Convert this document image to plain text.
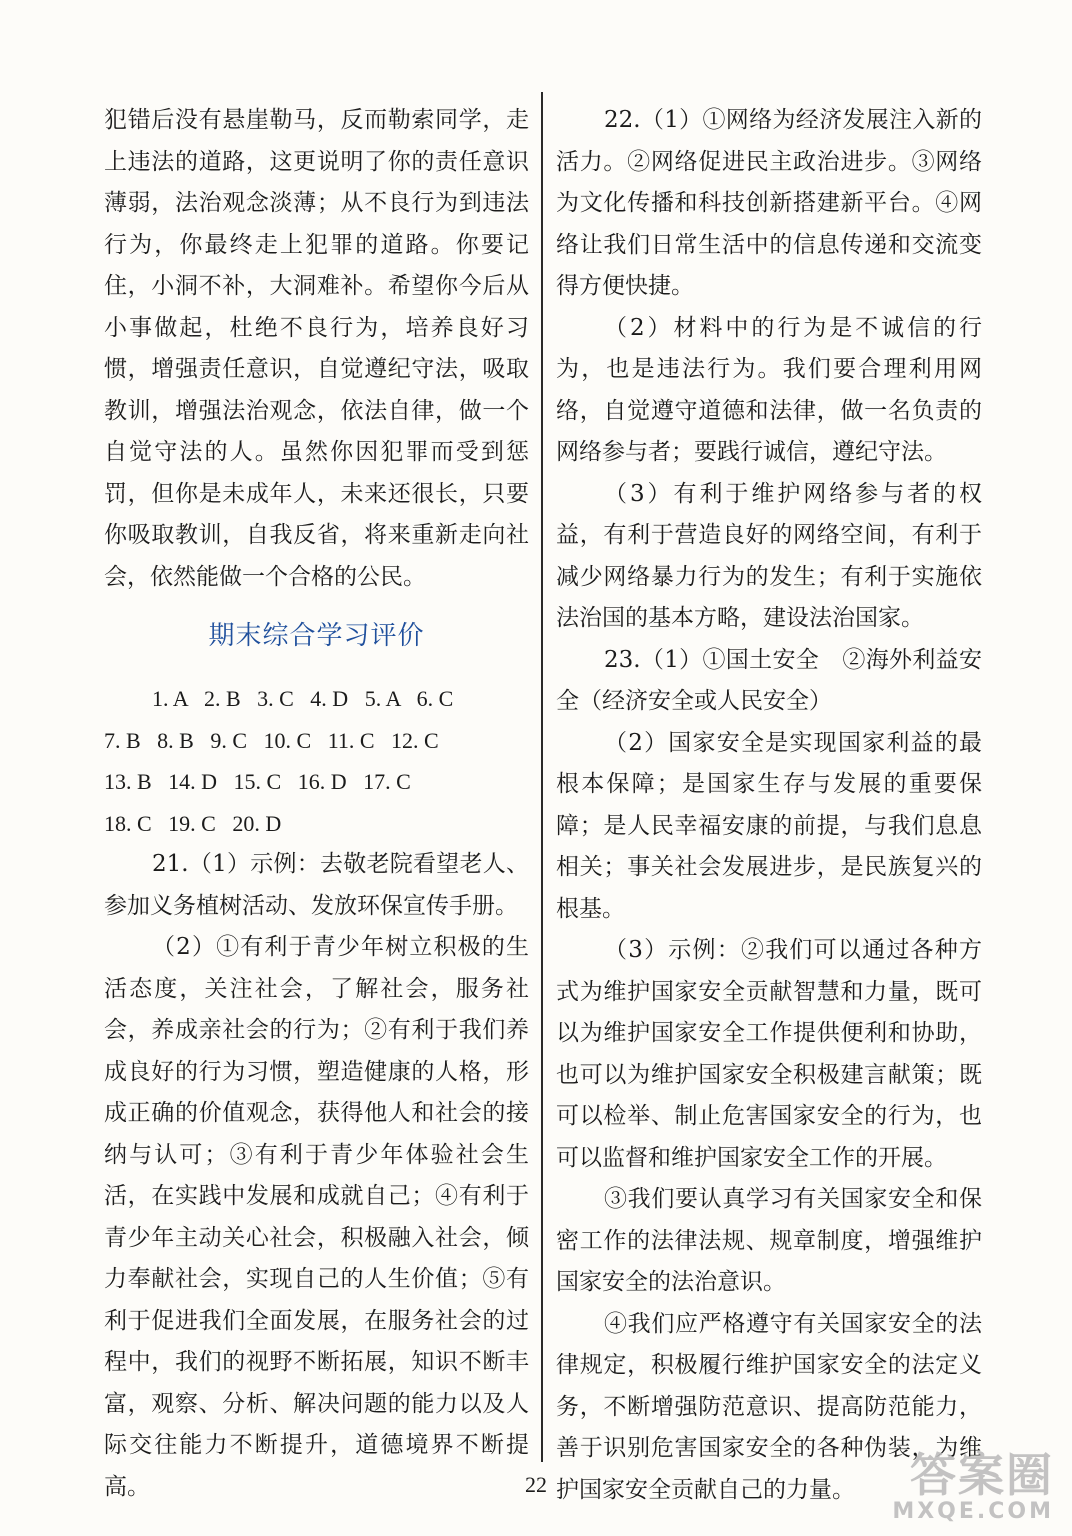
犯错后没有悬崖勒马，反而勒索同学，走上违法的道路，这更说明了你的责任意识薄弱，法治观念淡薄；从不良行为到违法行为，你最终走上犯罪的道路。你要记住，小洞不补，大洞难补。希望你今后从小事做起，杜绝不良行为，培养良好习惯，增强责任意识，自觉遵纪守法，吸取教训，增强法治观念，依法自律，做一个自觉守法的人。虽然你因犯罪而受到惩罚，但你是未成年人，未来还很长，只要你吸取教训，自我反省，将来重新走向社会，依然能做一个合格的公民。

期末综合学习评价
1. A   2. B   3. C   4. D   5. A   6. C
7. B   8. B   9. C   10. C   11. C   12. C
13. B   14. D   15. C   16. D   17. C
18. C   19. C   20. D

21.（1）示例：去敬老院看望老人、参加义务植树活动、发放环保宣传手册。

（2）①有利于青少年树立积极的生活态度，关注社会，了解社会，服务社会，养成亲社会的行为；②有利于我们养成良好的行为习惯，塑造健康的人格，形成正确的价值观念，获得他人和社会的接纳与认可；③有利于青少年体验社会生活，在实践中发展和成就自己；④有利于青少年主动关心社会，积极融入社会，倾力奉献社会，实现自己的人生价值；⑤有利于促进我们全面发展，在服务社会的过程中，我们的视野不断拓展，知识不断丰富，观察、分析、解决问题的能力以及人际交往能力不断提升，道德境界不断提高。

22.（1）①网络为经济发展注入新的活力。②网络促进民主政治进步。③网络为文化传播和科技创新搭建新平台。④网络让我们日常生活中的信息传递和交流变得方便快捷。

（2）材料中的行为是不诚信的行为，也是违法行为。我们要合理利用网络，自觉遵守道德和法律，做一名负责的网络参与者；要践行诚信，遵纪守法。

（3）有利于维护网络参与者的权益，有利于营造良好的网络空间，有利于减少网络暴力行为的发生；有利于实施依法治国的基本方略，建设法治国家。

23.（1）①国土安全　②海外利益安全（经济安全或人民安全）

（2）国家安全是实现国家利益的最根本保障；是国家生存与发展的重要保障；是人民幸福安康的前提，与我们息息相关；事关社会发展进步，是民族复兴的根基。

（3）示例：②我们可以通过各种方式为维护国家安全贡献智慧和力量，既可以为维护国家安全工作提供便利和协助，也可以为维护国家安全积极建言献策；既可以检举、制止危害国家安全的行为，也可以监督和维护国家安全工作的开展。

③我们要认真学习有关国家安全和保密工作的法律法规、规章制度，增强维护国家安全的法治意识。

④我们应严格遵守有关国家安全的法律规定，积极履行维护国家安全的法定义务，不断增强防范意识、提高防范能力，善于识别危害国家安全的各种伪装，为维护国家安全贡献自己的力量。

22	答案圈
MXQE.COM
